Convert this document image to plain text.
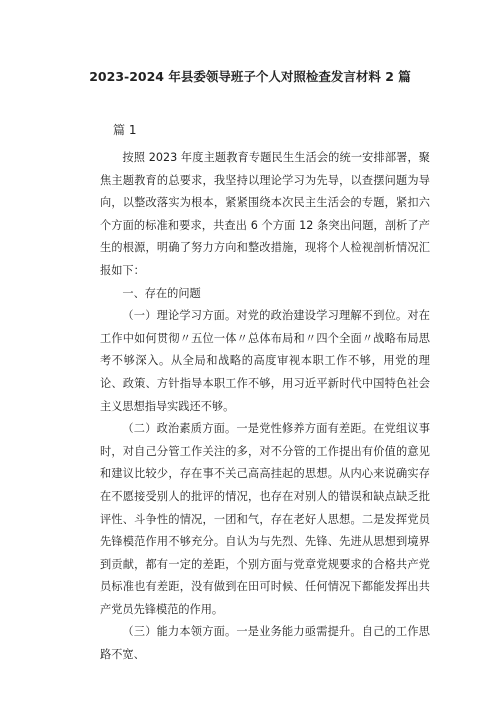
2023-2024 年县委领导班子个人对照检查发言材料 2 篇
篇 1

按照 2023 年度主题教育专题民生生活会的统一安排部署，聚焦主题教育的总要求，我坚持以理论学习为先导，以查摆问题为导向，以整改落实为根本，紧紧围绕本次民主生活会的专题，紧扣六个方面的标准和要求，共查出 6 个方面 12 条突出问题，剖析了产生的根源，明确了努力方向和整改措施，现将个人检视剖析情况汇报如下：

一、存在的问题

（一）理论学习方面。对党的政治建设学习理解不到位。对在工作中如何贯彻〃五位一体〃总体布局和〃四个全面〃战略布局思考不够深入。从全局和战略的高度审视本职工作不够，用党的理论、政策、方针指导本职工作不够，用习近平新时代中国特色社会主义思想指导实践还不够。

（二）政治素质方面。一是党性修养方面有差距。在党组议事时，对自己分管工作关注的多，对不分管的工作提出有价值的意见和建议比较少，存在事不关己高高挂起的思想。从内心来说确实存在不愿接受别人的批评的情况，也存在对别人的错误和缺点缺乏批评性、斗争性的情况，一团和气，存在老好人思想。二是发挥党员先锋模范作用不够充分。自认为与先烈、先锋、先进从思想到境界到贡献，都有一定的差距，个别方面与党章党规要求的合格共产党员标准也有差距，没有做到在田可时候、任何情况下都能发挥出共产党员先锋模范的作用。

（三）能力本领方面。一是业务能力亟需提升。自己的工作思路不宽、
